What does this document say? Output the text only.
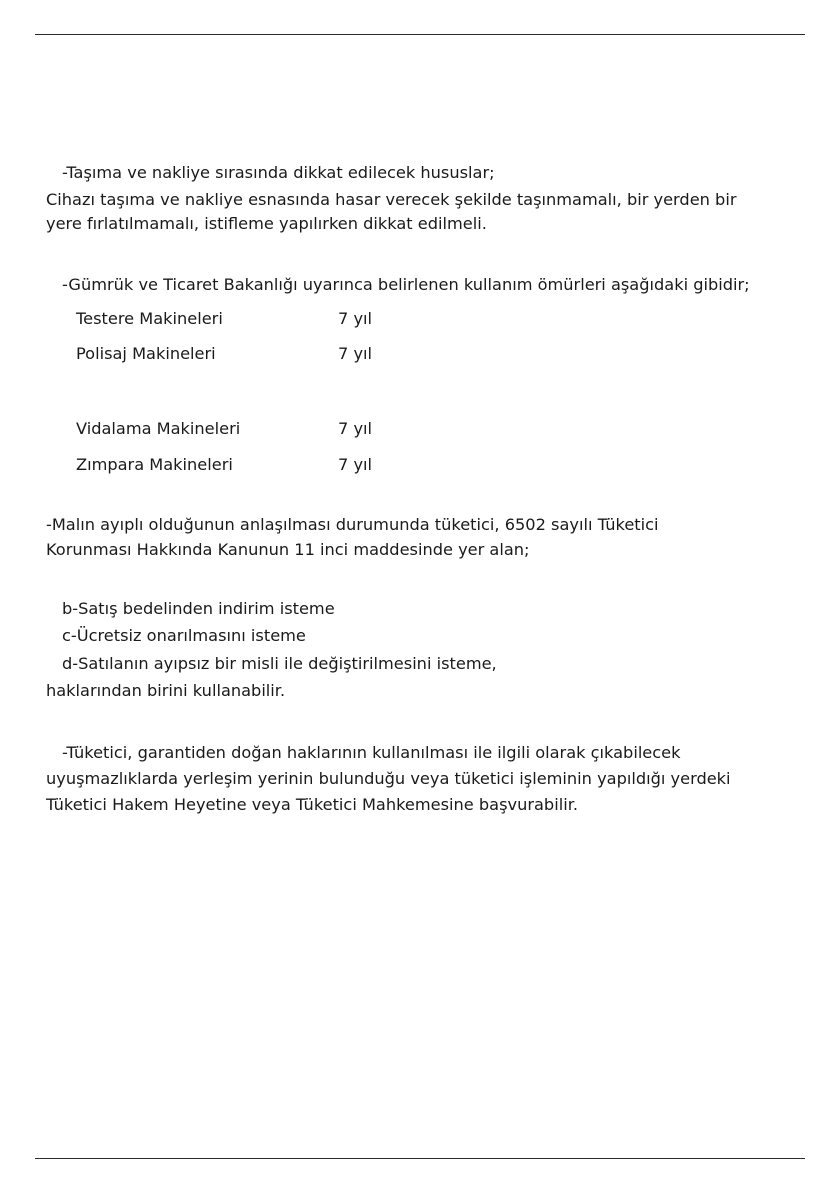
-Taşıma ve nakliye sırasında dikkat edilecek hususlar;
Cihazı taşıma ve nakliye esnasında hasar verecek şekilde taşınmamalı, bir yerden bir
yere fırlatılmamalı, istifleme yapılırken dikkat edilmeli.
-Gümrük ve Ticaret Bakanlığı uyarınca belirlenen kullanım ömürleri aşağıdaki gibidir;
Testere Makineleri	7 yıl
Polisaj Makineleri	7 yıl
Vidalama Makineleri	7 yıl
Zımpara Makineleri	7 yıl
-Malın ayıplı olduğunun anlaşılması durumunda tüketici, 6502 sayılı Tüketici
Korunması Hakkında Kanunun 11 inci maddesinde yer alan;
b-Satış bedelinden indirim isteme
c-Ücretsiz onarılmasını isteme
d-Satılanın ayıpsız bir misli ile değiştirilmesini isteme,
haklarından birini kullanabilir.
-Tüketici, garantiden doğan haklarının kullanılması ile ilgili olarak çıkabilecek
uyuşmazlıklarda yerleşim yerinin bulunduğu veya tüketici işleminin yapıldığı yerdeki
Tüketici Hakem Heyetine veya Tüketici Mahkemesine başvurabilir.
